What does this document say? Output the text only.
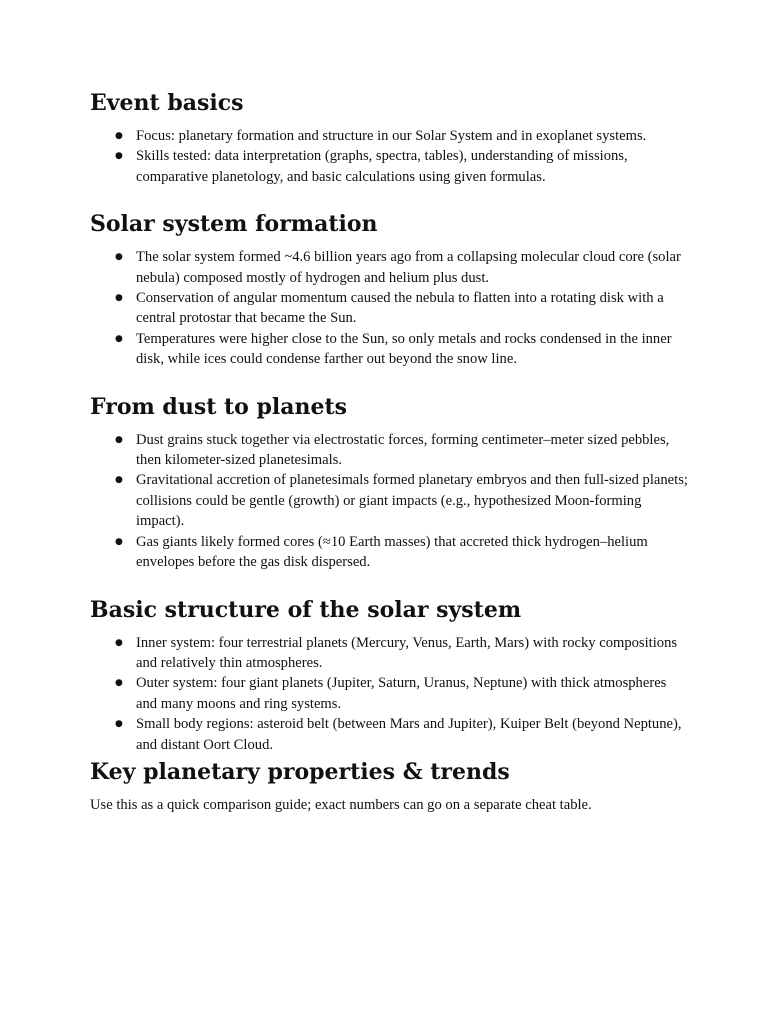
Event basics
● Focus: planetary formation and structure in our Solar System and in exoplanet systems.
● Skills tested: data interpretation (graphs, spectra, tables), understanding of missions, comparative planetology, and basic calculations using given formulas.
Solar system formation
● The solar system formed ~4.6 billion years ago from a collapsing molecular cloud core (solar nebula) composed mostly of hydrogen and helium plus dust.
● Conservation of angular momentum caused the nebula to flatten into a rotating disk with a central protostar that became the Sun.
● Temperatures were higher close to the Sun, so only metals and rocks condensed in the inner disk, while ices could condense farther out beyond the snow line.
From dust to planets
● Dust grains stuck together via electrostatic forces, forming centimeter–meter sized pebbles, then kilometer-sized planetesimals.
● Gravitational accretion of planetesimals formed planetary embryos and then full-sized planets; collisions could be gentle (growth) or giant impacts (e.g., hypothesized Moon-forming impact).
● Gas giants likely formed cores (≈10 Earth masses) that accreted thick hydrogen–helium envelopes before the gas disk dispersed.
Basic structure of the solar system
● Inner system: four terrestrial planets (Mercury, Venus, Earth, Mars) with rocky compositions and relatively thin atmospheres.
● Outer system: four giant planets (Jupiter, Saturn, Uranus, Neptune) with thick atmospheres and many moons and ring systems.
● Small body regions: asteroid belt (between Mars and Jupiter), Kuiper Belt (beyond Neptune), and distant Oort Cloud.
Key planetary properties & trends

Use this as a quick comparison guide; exact numbers can go on a separate cheat table.
